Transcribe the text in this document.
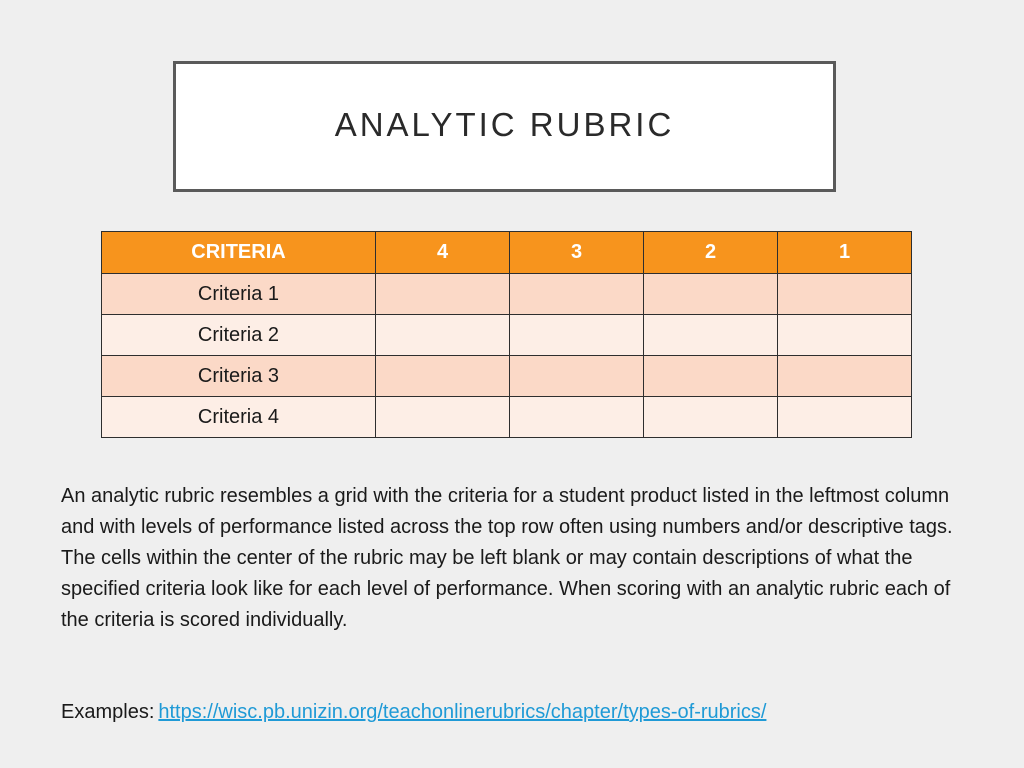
ANALYTIC RUBRIC
CRITERIA	4	3	2	1
Criteria 1				
Criteria 2				
Criteria 3				
Criteria 4				

An analytic rubric resembles a grid with the criteria for a student product listed in the leftmost column and with levels of performance listed across the top row often using numbers and/or descriptive tags. The cells within the center of the rubric may be left blank or may contain descriptions of what the specified criteria look like for each level of performance. When scoring with an analytic rubric each of the criteria is scored individually.

Examples: https://wisc.pb.unizin.org/teachonlinerubrics/chapter/types-of-rubrics/
